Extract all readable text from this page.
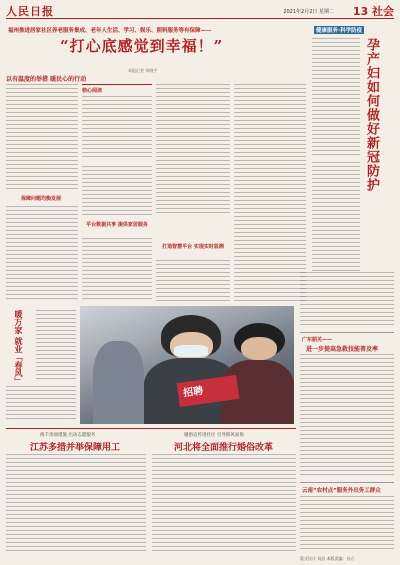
人民日报	2021年2月2日 星期二 13 社会
福州推进居家社区养老服务集成、老年人生活、学习、娱乐、照料服务等有保障——
“打心底感觉到幸福！”
本报记者 刘晓宇
以有温度的举措 暖民心的行动
保障问题均衡发展
核心阅读
平台数据共享 提供家居服务
打造智慧平台 实现实时监测
健康服务·科学防疫
孕产妇如何做好新冠防护
暖万家 就业「春风」
招聘
广东韶关——
进一步提高急救技能普及率
两千余项措施 出动志愿服务
江苏多措并举保障用工
婚俗宣传进社区 引导移风易俗
河北将全面推行婚俗改革
云南“农村点”服务外出务工群众
版式设计 刘昌 本版责编：孙立
